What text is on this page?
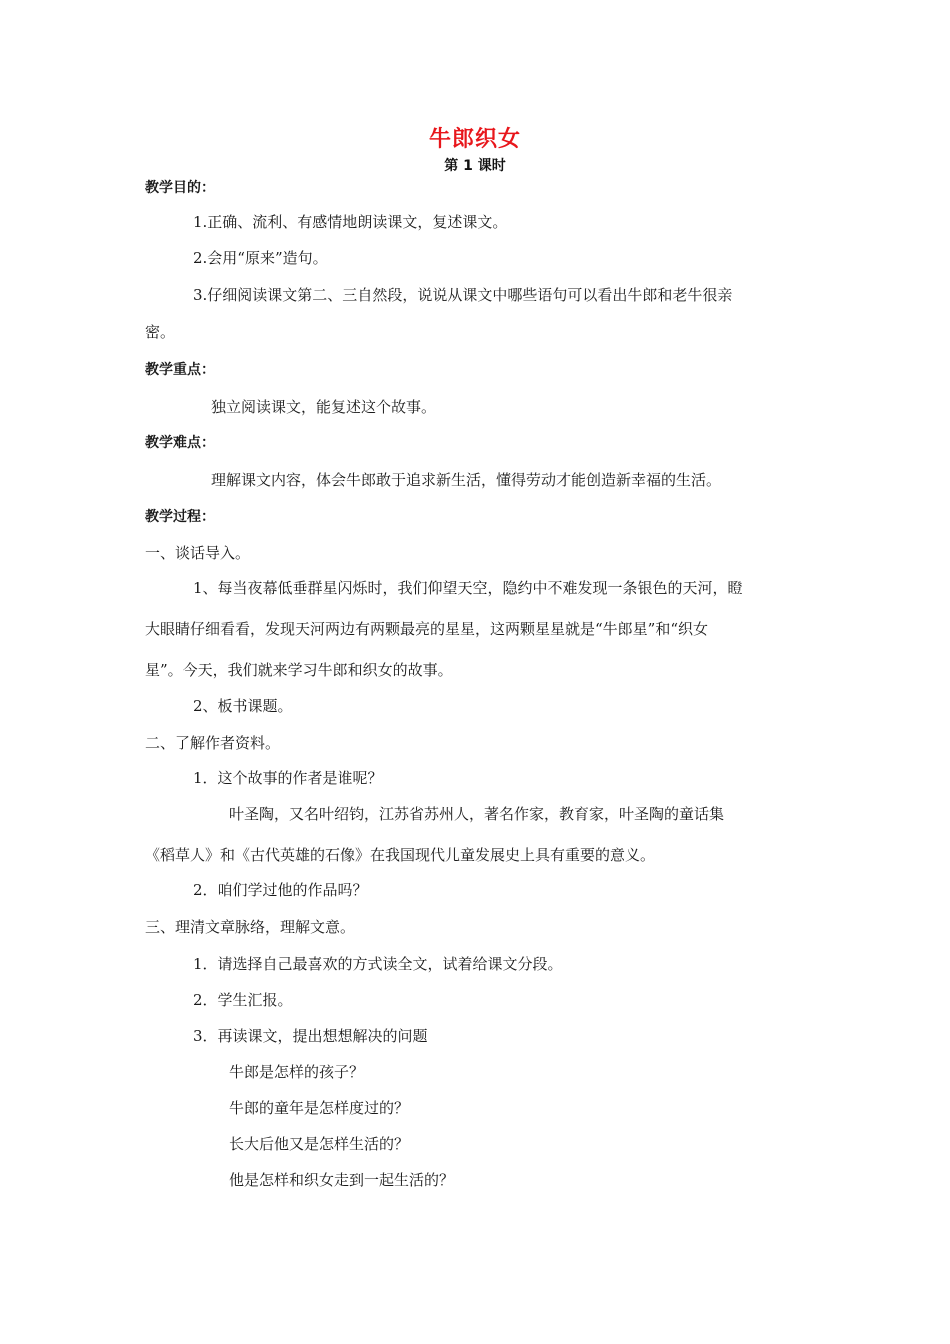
牛郎织女
第 1 课时
教学目的：
1.正确、流利、有感情地朗读课文，复述课文。
2.会用“原来”造句。
3.仔细阅读课文第二、三自然段，说说从课文中哪些语句可以看出牛郎和老牛很亲
密。
教学重点：
独立阅读课文，能复述这个故事。
教学难点：
理解课文内容，体会牛郎敢于追求新生活，懂得劳动才能创造新幸福的生活。
教学过程：
一、谈话导入。
1、每当夜幕低垂群星闪烁时，我们仰望天空，隐约中不难发现一条银色的天河，瞪
大眼睛仔细看看，发现天河两边有两颗最亮的星星，这两颗星星就是“牛郎星”和“织女
星”。今天，我们就来学习牛郎和织女的故事。
2、板书课题。
二、了解作者资料。
1．这个故事的作者是谁呢？
叶圣陶，又名叶绍钧，江苏省苏州人，著名作家，教育家，叶圣陶的童话集
《稻草人》和《古代英雄的石像》在我国现代儿童发展史上具有重要的意义。
2．咱们学过他的作品吗？
三、理清文章脉络，理解文意。
1．请选择自己最喜欢的方式读全文，试着给课文分段。
2．学生汇报。
3．再读课文，提出想想解决的问题
牛郎是怎样的孩子？
牛郎的童年是怎样度过的？
长大后他又是怎样生活的？
他是怎样和织女走到一起生活的？
